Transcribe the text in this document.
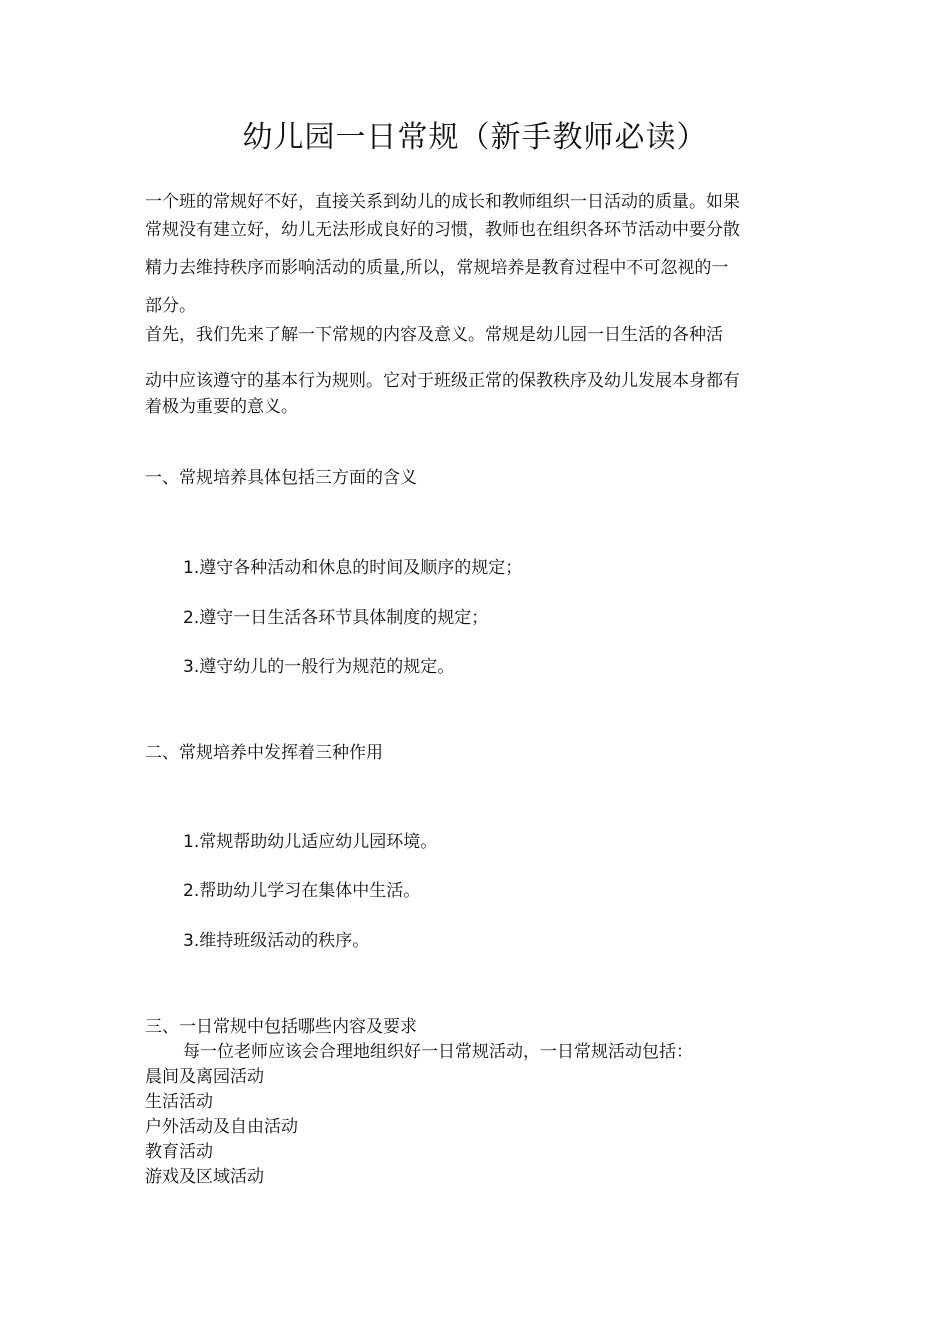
幼儿园一日常规（新手教师必读）
一个班的常规好不好，直接关系到幼儿的成长和教师组织一日活动的质量。如果
常规没有建立好，幼儿无法形成良好的习惯，教师也在组织各环节活动中要分散
精力去维持秩序而影响活动的质量,所以，常规培养是教育过程中不可忽视的一
部分。
首先，我们先来了解一下常规的内容及意义。常规是幼儿园一日生活的各种活
动中应该遵守的基本行为规则。它对于班级正常的保教秩序及幼儿发展本身都有
着极为重要的意义。
一、常规培养具体包括三方面的含义
1.遵守各种活动和休息的时间及顺序的规定；
2.遵守一日生活各环节具体制度的规定；
3.遵守幼儿的一般行为规范的规定。
二、常规培养中发挥着三种作用
1.常规帮助幼儿适应幼儿园环境。
2.帮助幼儿学习在集体中生活。
3.维持班级活动的秩序。
三、一日常规中包括哪些内容及要求
每一位老师应该会合理地组织好一日常规活动，一日常规活动包括：
晨间及离园活动
生活活动
户外活动及自由活动
教育活动
游戏及区域活动
